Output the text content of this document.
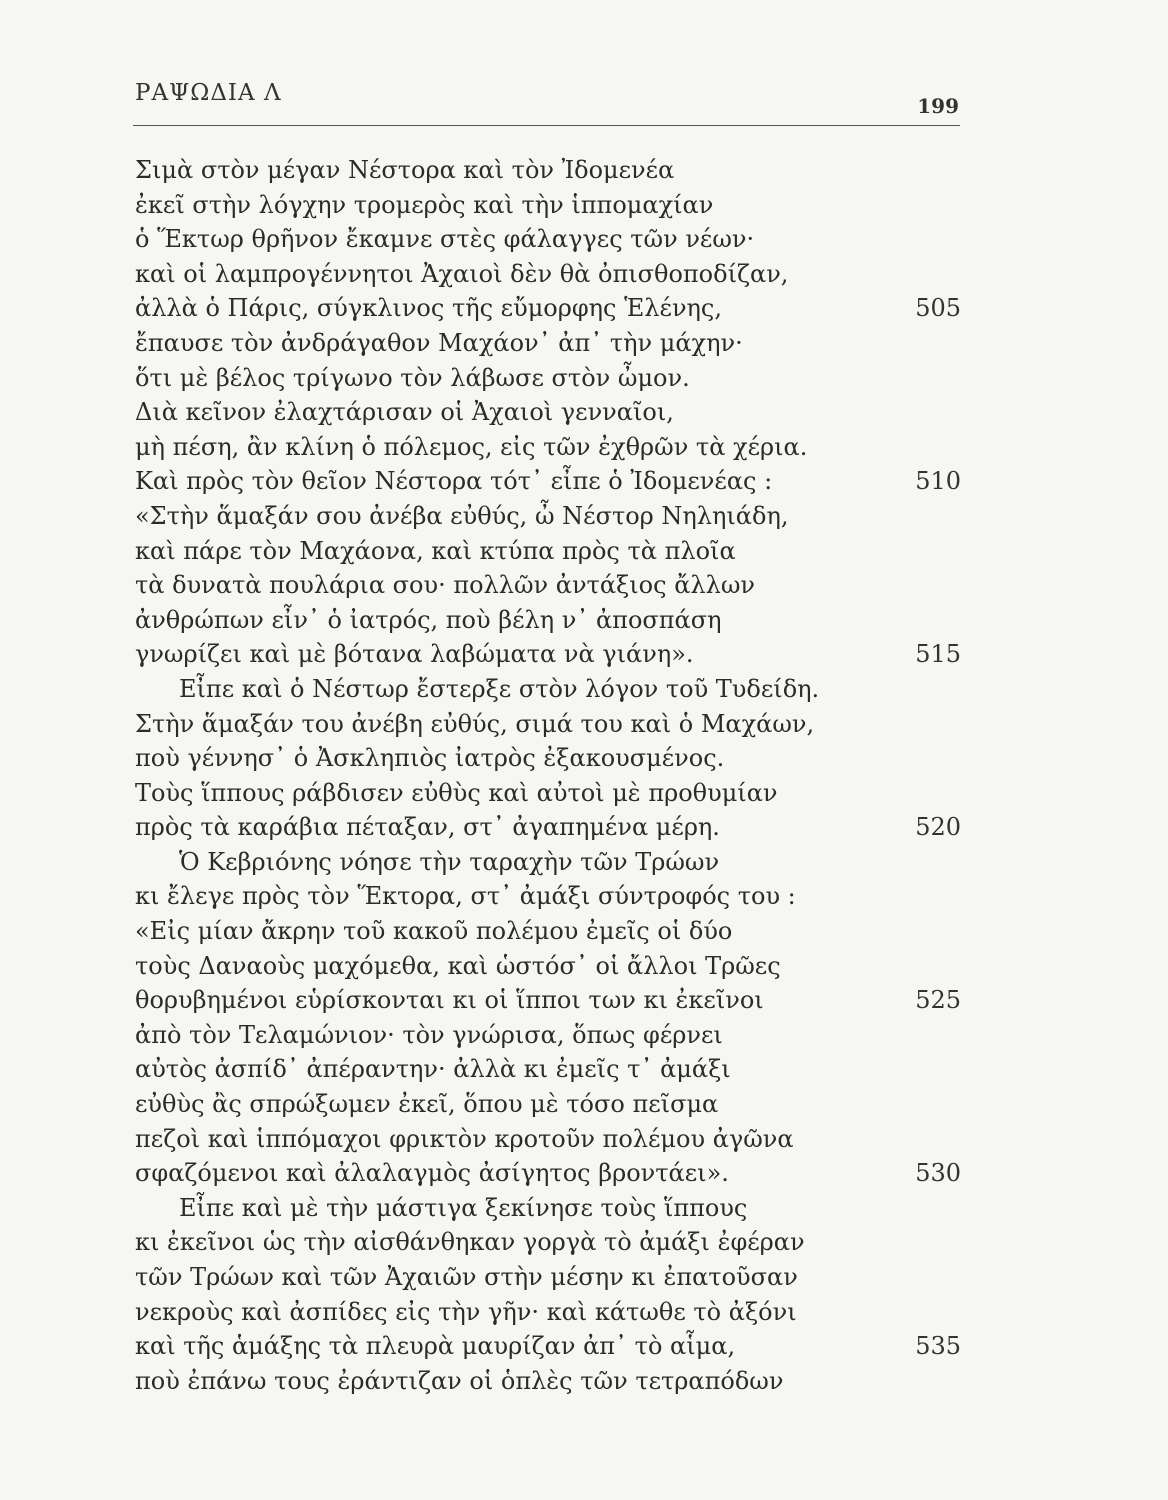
ΡΑΨΩΔΙΑ Λ	199
Σιμὰ στὸν μέγαν Νέστορα καὶ τὸν Ἰδομενέα
ἐκεῖ στὴν λόγχην τρομερὸς καὶ τὴν ἱππομαχίαν
ὁ Ἕκτωρ θρῆνον ἔκαμνε στὲς φάλαγγες τῶν νέων·
καὶ οἱ λαμπρογέννητοι Ἀχαιοὶ δὲν θὰ ὀπισθοποδίζαν,
ἀλλὰ ὁ Πάρις, σύγκλινος τῆς εὔμορφης Ἑλένης,	505
ἔπαυσε τὸν ἀνδράγαθον Μαχάον᾽ ἀπ᾽ τὴν μάχην·
ὅτι μὲ βέλος τρίγωνο τὸν λάβωσε στὸν ὦμον.
Διὰ κεῖνον ἐλαχτάρισαν οἱ Ἀχαιοὶ γενναῖοι,
μὴ πέση, ἂν κλίνη ὁ πόλεμος, εἰς τῶν ἐχθρῶν τὰ χέρια.
Καὶ πρὸς τὸν θεῖον Νέστορα τότ᾽ εἶπε ὁ Ἰδομενέας :	510
«Στὴν ἅμαξάν σου ἀνέβα εὐθύς, ὦ Νέστορ Νηληιάδη,
καὶ πάρε τὸν Μαχάονα, καὶ κτύπα πρὸς τὰ πλοῖα
τὰ δυνατὰ πουλάρια σου· πολλῶν ἀντάξιος ἄλλων
ἀνθρώπων εἶν᾽ ὁ ἰατρός, ποὺ βέλη ν᾽ ἀποσπάση
γνωρίζει καὶ μὲ βότανα λαβώματα νὰ γιάνη».	515
Εἶπε καὶ ὁ Νέστωρ ἔστερξε στὸν λόγον τοῦ Τυδείδη.
Στὴν ἅμαξάν του ἀνέβη εὐθύς, σιμά του καὶ ὁ Μαχάων,
ποὺ γέννησ᾽ ὁ Ἀσκληπιὸς ἰατρὸς ἐξακουσμένος.
Τοὺς ἵππους ράβδισεν εὐθὺς καὶ αὐτοὶ μὲ προθυμίαν
πρὸς τὰ καράβια πέταξαν, στ᾽ ἀγαπημένα μέρη.	520
Ὁ Κεβριόνης νόησε τὴν ταραχὴν τῶν Τρώων
κι ἔλεγε πρὸς τὸν Ἕκτορα, στ᾽ ἀμάξι σύντροφός του :
«Εἰς μίαν ἄκρην τοῦ κακοῦ πολέμου ἐμεῖς οἱ δύο
τοὺς Δαναοὺς μαχόμεθα, καὶ ὡστόσ᾽ οἱ ἄλλοι Τρῶες
θορυβημένοι εὑρίσκονται κι οἱ ἵπποι των κι ἐκεῖνοι	525
ἀπὸ τὸν Τελαμώνιον· τὸν γνώρισα, ὅπως φέρνει
αὐτὸς ἀσπίδ᾽ ἀπέραντην· ἀλλὰ κι ἐμεῖς τ᾽ ἀμάξι
εὐθὺς ἂς σπρώξωμεν ἐκεῖ, ὅπου μὲ τόσο πεῖσμα
πεζοὶ καὶ ἱππόμαχοι φρικτὸν κροτοῦν πολέμου ἀγῶνα
σφαζόμενοι καὶ ἀλαλαγμὸς ἀσίγητος βροντάει».	530
Εἶπε καὶ μὲ τὴν μάστιγα ξεκίνησε τοὺς ἵππους
κι ἐκεῖνοι ὡς τὴν αἰσθάνθηκαν γοργὰ τὸ ἀμάξι ἐφέραν
τῶν Τρώων καὶ τῶν Ἀχαιῶν στὴν μέσην κι ἐπατοῦσαν
νεκροὺς καὶ ἀσπίδες εἰς τὴν γῆν· καὶ κάτωθε τὸ ἀξόνι
καὶ τῆς ἁμάξης τὰ πλευρὰ μαυρίζαν ἀπ᾽ τὸ αἷμα,	535
ποὺ ἐπάνω τους ἐράντιζαν οἱ ὁπλὲς τῶν τετραπόδων
